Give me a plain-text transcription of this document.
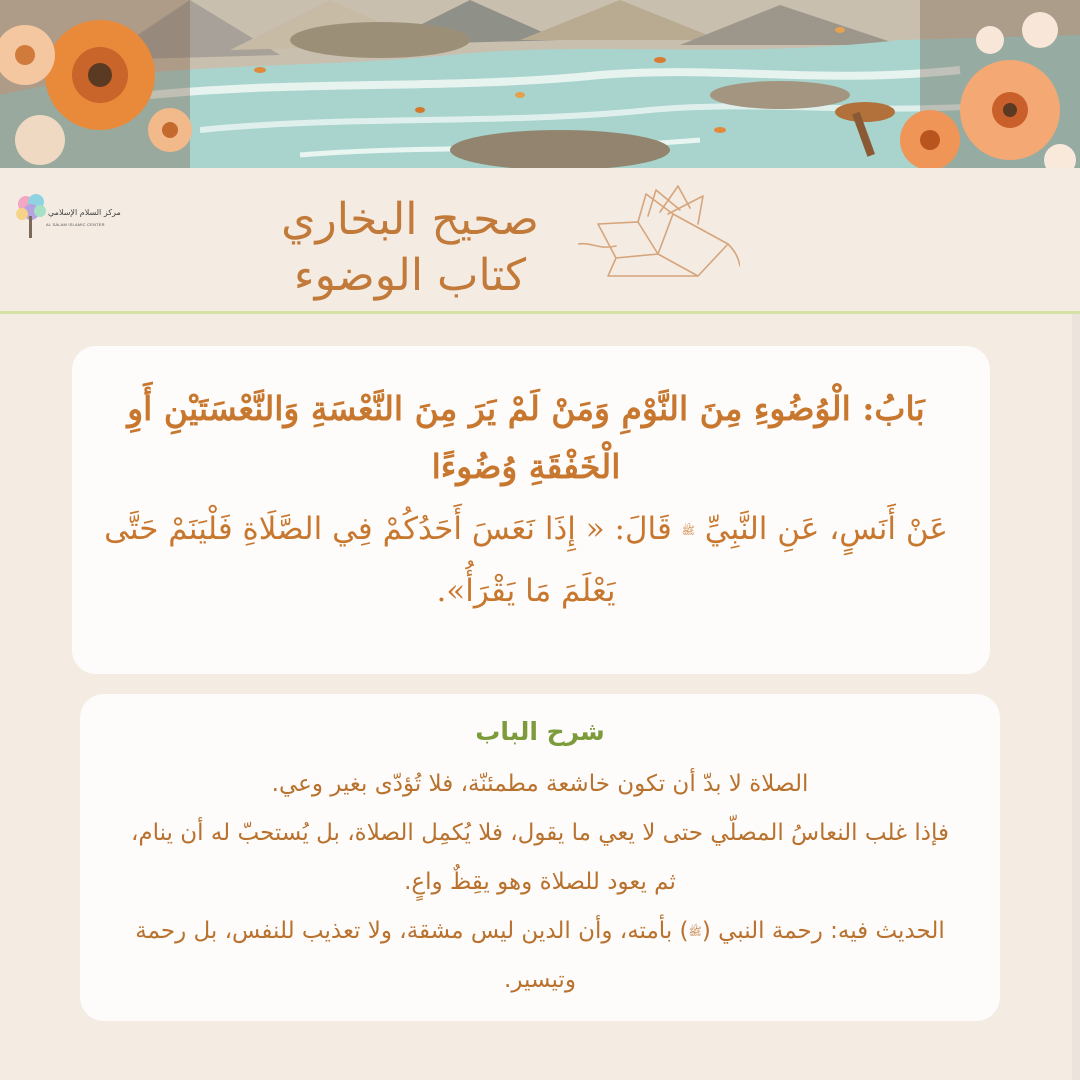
مركز السلام الإسلامي
AL SALAM ISLAMIC CENTER	صحيح البخاري
كتاب الوضوء
بَابُ: الْوُضُوءِ مِنَ النَّوْمِ وَمَنْ لَمْ يَرَ مِنَ النَّعْسَةِ وَالنَّعْسَتَيْنِ أَوِ الْخَفْقَةِ وُضُوءًا
عَنْ أَنَسٍ، عَنِ النَّبِيِّ ﷺ قَالَ: « إِذَا نَعَسَ أَحَدُكُمْ فِي الصَّلَاةِ فَلْيَنَمْ حَتَّى يَعْلَمَ مَا يَقْرَأُ».
شرح الباب

الصلاة لا بدّ أن تكون خاشعة مطمئنّة، فلا تُؤدّى بغير وعي.

فإذا غلب النعاسُ المصلّي حتى لا يعي ما يقول، فلا يُكمِل الصلاة، بل يُستحبّ له أن ينام، ثم يعود للصلاة وهو يقِظٌ واعٍ.

الحديث فيه: رحمة النبي (ﷺ) بأمته، وأن الدين ليس مشقة، ولا تعذيب للنفس، بل رحمة وتيسير.
